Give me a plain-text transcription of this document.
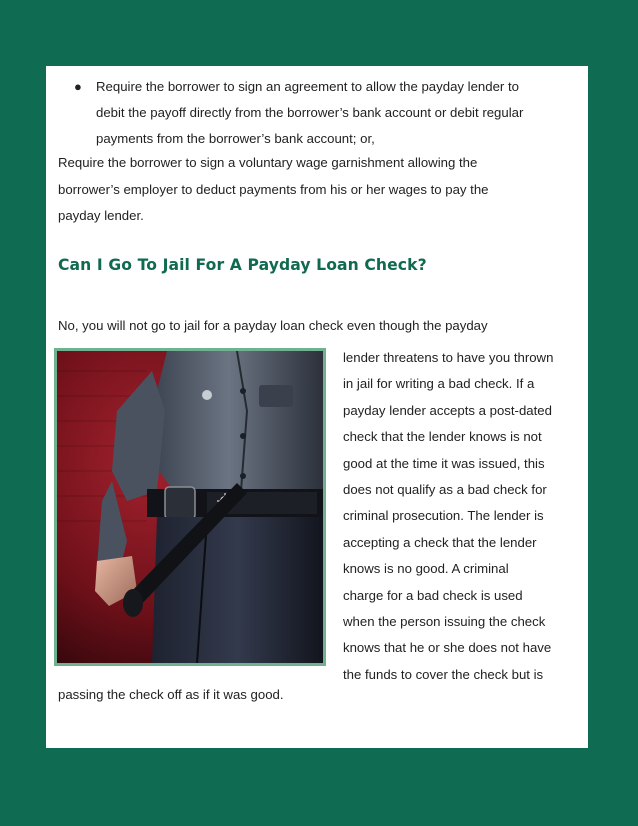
● Require the borrower to sign an agreement to allow the payday lender to
debit the payoff directly from the borrower’s bank account or debit regular
payments from the borrower’s bank account; or,
Require the borrower to sign a voluntary wage garnishment allowing the
borrower’s employer to deduct payments from his or her wages to pay the
payday lender.
Can I Go To Jail For A Payday Loan Check?

No, you will not go to jail for a payday loan check even though the payday

lender threatens to have you thrown
in jail for writing a bad check. If a
payday lender accepts a post-dated
check that the lender knows is not
good at the time it was issued, this
does not qualify as a bad check for
criminal prosecution. The lender is
accepting a check that the lender
knows is no good. A criminal
charge for a bad check is used
when the person issuing the check
knows that he or she does not have
the funds to cover the check but is

passing the check off as if it was good.
